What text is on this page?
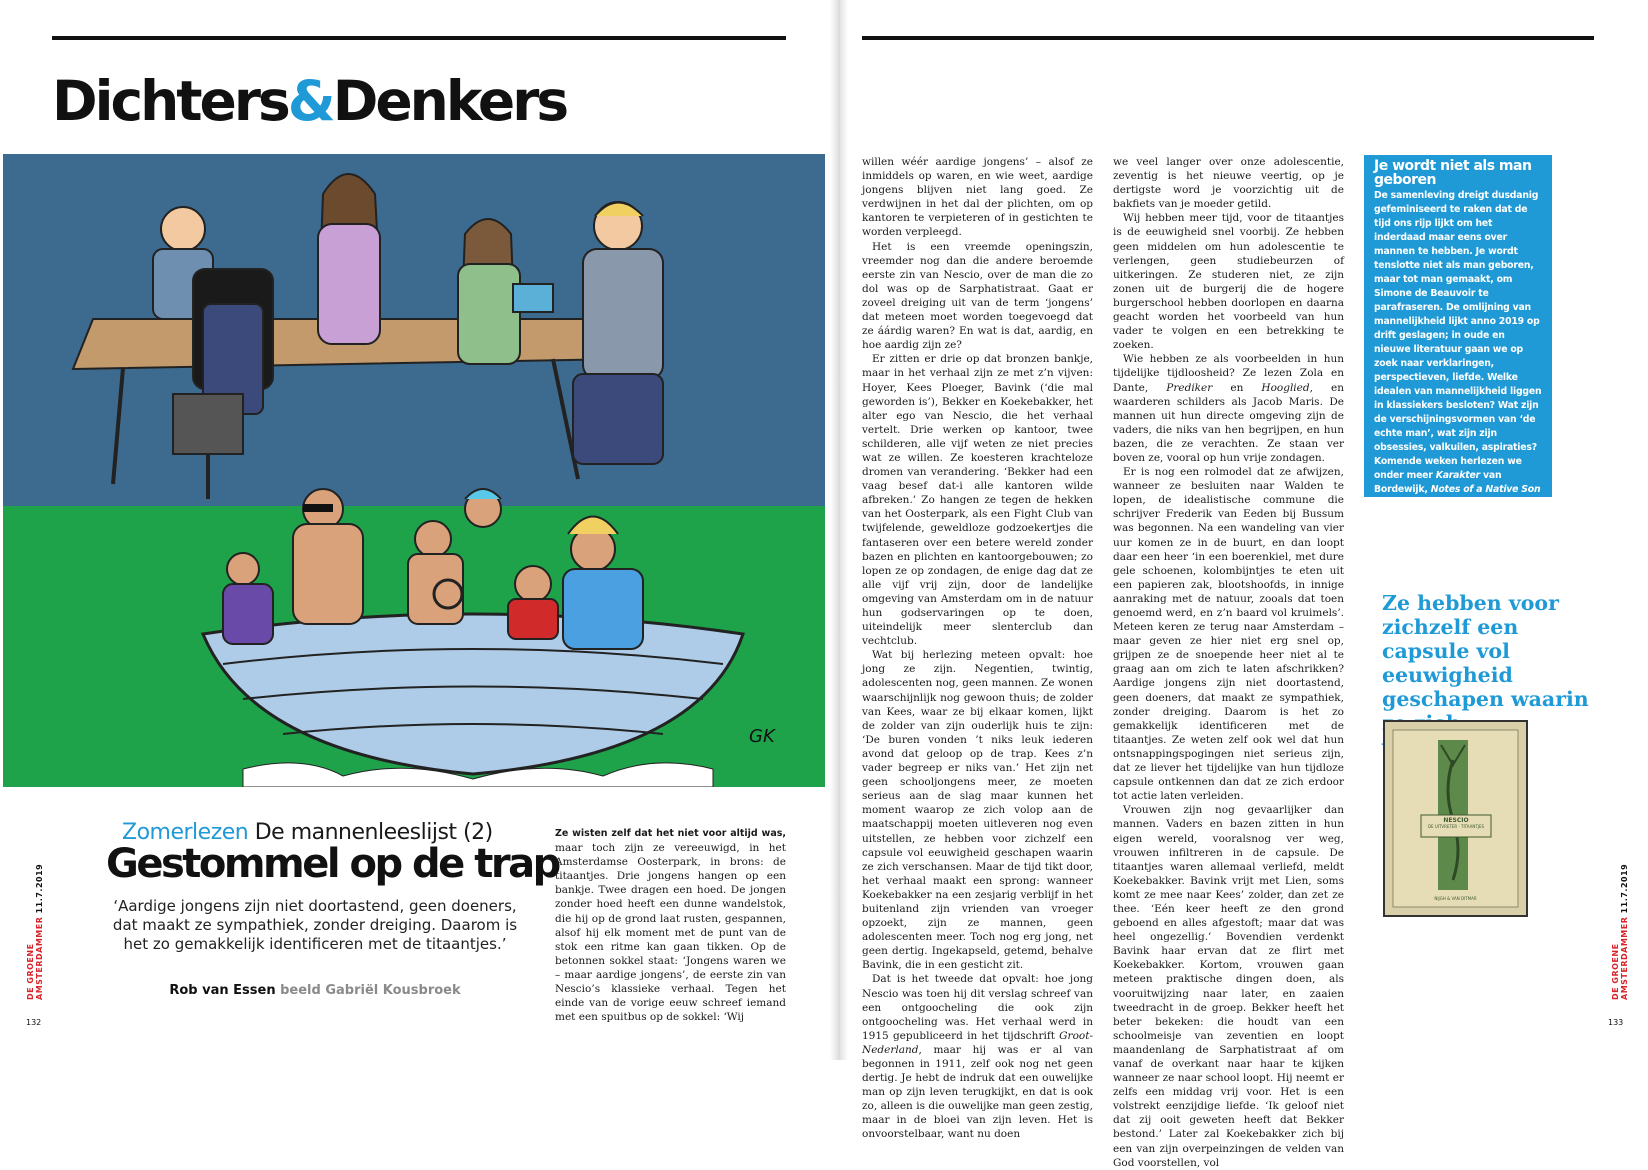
Dichters&Denkers
GK
DE GROENE AMSTERDAMMER 11.7.2019
132
Zomerlezen De mannenleeslijst (2)
Gestommel op de trap
‘Aardige jongens zijn niet doortastend, geen doeners, dat maakt ze sympathiek, zonder dreiging. Daarom is het zo gemakkelijk identificeren met de titaantjes.’
Rob van Essen beeld Gabriël Kousbroek
Ze wisten zelf dat het niet voor altijd was, maar toch zijn ze vereeuwigd, in het Amsterdamse Oosterpark, in brons: de titaantjes. Drie jongens hangen op een bankje. Twee dragen een hoed. De jongen zonder hoed heeft een dunne wandelstok, die hij op de grond laat rusten, gespannen, alsof hij elk moment met de punt van de stok een ritme kan gaan tikken. Op de betonnen sokkel staat: ‘Jongens waren we – maar aardige jongens’, de eerste zin van Nescio’s klassieke verhaal. Tegen het einde van de vorige eeuw schreef iemand met een spuitbus op de sokkel: ‘Wij
willen wéér aardige jongens’ – alsof ze inmiddels op waren, en wie weet, aardige jongens blijven niet lang goed. Ze verdwijnen in het dal der plichten, om op kantoren te verpieteren of in gestichten te worden verpleegd.
Het is een vreemde openingszin, vreemder nog dan die andere beroemde eerste zin van Nescio, over de man die zo dol was op de Sarphatistraat. Gaat er zoveel dreiging uit van de term ‘jongens’ dat meteen moet worden toegevoegd dat ze áárdig waren? En wat is dat, aardig, en hoe aardig zijn ze?
Er zitten er drie op dat bronzen bankje, maar in het verhaal zijn ze met z’n vijven: Hoyer, Kees Ploeger, Bavink (‘die mal geworden is’), Bekker en Koekebakker, het alter ego van Nescio, die het verhaal vertelt. Drie werken op kantoor, twee schilderen, alle vijf weten ze niet precies wat ze willen. Ze koesteren krachteloze dromen van verandering. ‘Bekker had een vaag besef dat-i alle kantoren wilde afbreken.’ Zo hangen ze tegen de hekken van het Oosterpark, als een Fight Club van twijfelende, geweldloze godzoekertjes die fantaseren over een betere wereld zonder bazen en plichten en kantoorgebouwen; zo lopen ze op zondagen, de enige dag dat ze alle vijf vrij zijn, door de landelijke omgeving van Amsterdam om in de natuur hun godservaringen op te doen, uiteindelijk meer slenterclub dan vechtclub.
Wat bij herlezing meteen opvalt: hoe jong ze zijn. Negentien, twintig, adolescenten nog, geen mannen. Ze wonen waarschijnlijk nog gewoon thuis; de zolder van Kees, waar ze bij elkaar komen, lijkt de zolder van zijn ouderlijk huis te zijn: ‘De buren vonden ’t niks leuk iederen avond dat geloop op de trap. Kees z’n vader begreep er niks van.’ Het zijn net geen schooljongens meer, ze moeten serieus aan de slag maar kunnen het moment waarop ze zich volop aan de maatschappij moeten uitleveren nog even uitstellen, ze hebben voor zichzelf een capsule vol eeuwigheid geschapen waarin ze zich verschansen. Maar de tijd tikt door, het verhaal maakt een sprong: wanneer Koekebakker na een zesjarig verblijf in het buitenland zijn vrienden van vroeger opzoekt, zijn ze mannen, geen adolescenten meer. Toch nog erg jong, net geen dertig. Ingekapseld, getemd, behalve Bavink, die in een gesticht zit.
Dat is het tweede dat opvalt: hoe jong Nescio was toen hij dit verslag schreef van een ontgoocheling die ook zijn ontgoocheling was. Het verhaal werd in 1915 gepubliceerd in het tijdschrift Groot-Nederland, maar hij was er al van begonnen in 1911, zelf ook nog net geen dertig. Je hebt de indruk dat een ouwelijke man op zijn leven terugkijkt, en dat is ook zo, alleen is die ouwelijke man geen zestig, maar in de bloei van zijn leven. Het is onvoorstelbaar, want nu doen
we veel langer over onze adolescentie, zeventig is het nieuwe veertig, op je dertigste word je voorzichtig uit de bakfiets van je moeder getild.
Wij hebben meer tijd, voor de titaantjes is de eeuwigheid snel voorbij. Ze hebben geen middelen om hun adolescentie te verlengen, geen studiebeurzen of uitkeringen. Ze studeren niet, ze zijn zonen uit de burgerij die de hogere burgerschool hebben doorlopen en daarna geacht worden het voorbeeld van hun vader te volgen en een betrekking te zoeken.
Wie hebben ze als voorbeelden in hun tijdelijke tijdloosheid? Ze lezen Zola en Dante, Prediker en Hooglied, en waarderen schilders als Jacob Maris. De mannen uit hun directe omgeving zijn de vaders, die niks van hen begrijpen, en hun bazen, die ze verachten. Ze staan ver boven ze, vooral op hun vrije zondagen.
Er is nog een rolmodel dat ze afwijzen, wanneer ze besluiten naar Walden te lopen, de idealistische commune die schrijver Frederik van Eeden bij Bussum was begonnen. Na een wandeling van vier uur komen ze in de buurt, en dan loopt daar een heer ‘in een boerenkiel, met dure gele schoenen, kolombijntjes te eten uit een papieren zak, blootshoofds, in innige aanraking met de natuur, zooals dat toen genoemd werd, en z’n baard vol kruimels’. Meteen keren ze terug naar Amsterdam – maar geven ze hier niet erg snel op, grijpen ze de snoepende heer niet al te graag aan om zich te laten afschrikken? Aardige jongens zijn niet doortastend, geen doeners, dat maakt ze sympathiek, zonder dreiging. Daarom is het zo gemakkelijk identificeren met de titaantjes. Ze weten zelf ook wel dat hun ontsnappingspogingen niet serieus zijn, dat ze liever het tijdelijke van hun tijdloze capsule ontkennen dan dat ze zich erdoor tot actie laten verleiden.
Vrouwen zijn nog gevaarlijker dan mannen. Vaders en bazen zitten in hun eigen wereld, vooralsnog ver weg, vrouwen infiltreren in de capsule. De titaantjes waren allemaal verliefd, meldt Koekebakker. Bavink vrijt met Lien, soms komt ze mee naar Kees’ zolder, dan zet ze thee. ‘Eén keer heeft ze den grond geboend en alles afgestoft; maar dat was heel ongezellig.’ Bovendien verdenkt Bavink haar ervan dat ze flirt met Koekebakker. Kortom, vrouwen gaan meteen praktische dingen doen, als vooruitwijzing naar later, en zaaien tweedracht in de groep. Bekker heeft het beter bekeken: die houdt van een schoolmeisje van zeventien en loopt maandenlang de Sarphatistraat af om vanaf de overkant naar haar te kijken wanneer ze naar school loopt. Hij neemt er zelfs een middag vrij voor. Het is een volstrekt eenzijdige liefde. ‘Ik geloof niet dat zij ooit geweten heeft dat Bekker bestond.’ Later zal Koekebakker zich bij een van zijn overpeinzingen de velden van God voorstellen, vol
Je wordt niet als man geboren
De samenleving dreigt dusdanig gefeminiseerd te raken dat de tijd ons rijp lijkt om het inderdaad maar eens over mannen te hebben. Je wordt tenslotte niet als man geboren, maar tot man gemaakt, om Simone de Beauvoir te parafraseren. De omlijning van mannelijkheid lijkt anno 2019 op drift geslagen; in oude en nieuwe literatuur gaan we op zoek naar verklaringen, perspectieven, liefde. Welke idealen van mannelijkheid liggen in klassiekers besloten? Wat zijn de verschijningsvormen van ‘de echte man’, wat zijn zijn obsessies, valkuilen, aspiraties? Komende weken herlezen we onder meer Karakter van Bordewijk, Notes of a Native Son van James Baldwin en Brief aan mijn vader van Kafka.
Ze hebben voor zichzelf een capsule vol eeuwigheid geschapen waarin
NESCIO
DE UITVRETER · TITAANTJES
NIJGH & VAN DITMAR
DE GROENE AMSTERDAMMER 11.7.2019
133
